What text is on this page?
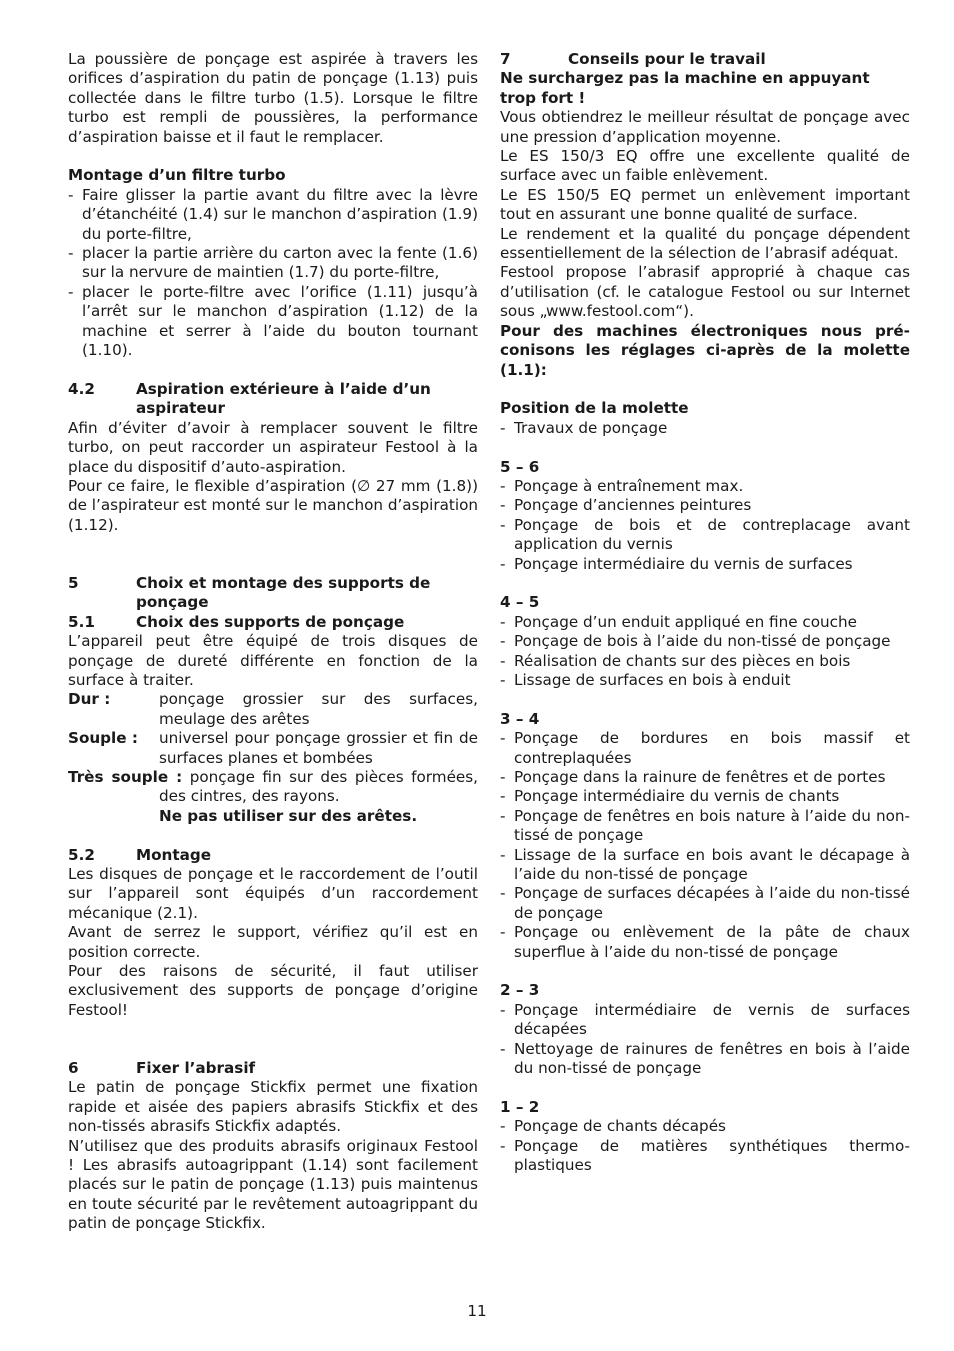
La poussière de ponçage est aspirée à travers les orifices d’aspiration du patin de ponçage (1.13) puis collectée dans le filtre turbo (1.5). Lorsque le filtre turbo est rempli de poussières, la performance d’aspiration baisse et il faut le remplacer.

Montage d’un filtre turbo

- Faire glisser la partie avant du filtre avec la lèvre d’étanchéité (1.4) sur le manchon d’aspiration (1.9) du porte-filtre,
- placer la partie arrière du carton avec la fente (1.6) sur la nervure de maintien (1.7) du porte-filtre,
- placer le porte-filtre avec l’orifice (1.11) jusqu’à l’arrêt sur le manchon d’aspiration (1.12) de la machine et serrer à l’aide du bouton tournant (1.10).
4.2	Aspiration extérieure à l’aide d’un aspirateur

Afin d’éviter d’avoir à remplacer souvent le filtre turbo, on peut raccorder un aspirateur Festool à la place du dispositif d’auto-aspiration.

Pour ce faire, le flexible d’aspiration (∅ 27 mm (1.8)) de l’aspirateur est monté sur le manchon d’aspiration (1.12).

5	Choix et montage des supports de ponçage
5.1	Choix des supports de ponçage

L’appareil peut être équipé de trois disques de ponçage de dureté différente en fonction de la surface à traiter.

Dur :	ponçage grossier sur des surfaces, meulage des arêtes
Souple :	universel pour ponçage grossier et fin de surfaces planes et bombées

Très souple : ponçage fin sur des pièces formées, des cintres, des rayons.

Ne pas utiliser sur des arêtes.

5.2	Montage

Les disques de ponçage et le raccordement de l’outil sur l’appareil sont équipés d’un raccordement mécanique (2.1).

Avant de serrez le support, vérifiez qu’il est en position correcte.

Pour des raisons de sécurité, il faut utiliser exclusivement des supports de ponçage d’origine Festool!

6	Fixer l’abrasif

Le patin de ponçage Stickfix permet une fixation rapide et aisée des papiers abrasifs Stickfix et des non-tissés abrasifs Stickfix adaptés.

N’utilisez que des produits abrasifs originaux Festool ! Les abrasifs autoagrippant (1.14) sont facilement placés sur le patin de ponçage (1.13) puis maintenus en toute sécurité par le revêtement autoagrippant du patin de ponçage Stickfix.

7	Conseils pour le travail

Ne surchargez pas la machine en appuyant trop fort !

Vous obtiendrez le meilleur résultat de ponçage avec une pression d’application moyenne.

Le ES 150/3 EQ offre une excellente qualité de surface avec un faible enlèvement.

Le ES 150/5 EQ permet un enlèvement important tout en assurant une bonne qualité de surface.

Le rendement et la qualité du ponçage dépendent essentiellement de la sélection de l’abrasif adéquat.

Festool propose l’abrasif approprié à chaque cas d’utilisation (cf. le catalogue Festool ou sur Internet sous „www.festool.com“).

Pour des machines électroniques nous pré-conisons les réglages ci-après de la molette (1.1):

Position de la molette

- Travaux de ponçage

5 – 6

- Ponçage à entraînement max.
- Ponçage d’anciennes peintures
- Ponçage de bois et de contreplacage avant application du vernis
- Ponçage intermédiaire du vernis de surfaces

4 – 5

- Ponçage d’un enduit appliqué en fine couche
- Ponçage de bois à l’aide du non-tissé de ponçage
- Réalisation de chants sur des pièces en bois
- Lissage de surfaces en bois à enduit

3 – 4

- Ponçage de bordures en bois massif et contreplaquées
- Ponçage dans la rainure de fenêtres et de portes
- Ponçage intermédiaire du vernis de chants
- Ponçage de fenêtres en bois nature à l’aide du non-tissé de ponçage
- Lissage de la surface en bois avant le décapage à l’aide du non-tissé de ponçage
- Ponçage de surfaces décapées à l’aide du non-tissé de ponçage
- Ponçage ou enlèvement de la pâte de chaux superflue à l’aide du non-tissé de ponçage

2 – 3

- Ponçage intermédiaire de vernis de surfaces décapées
- Nettoyage de rainures de fenêtres en bois à l’aide du non-tissé de ponçage

1 – 2

- Ponçage de chants décapés
- Ponçage de matières synthétiques thermo-plastiques
11
